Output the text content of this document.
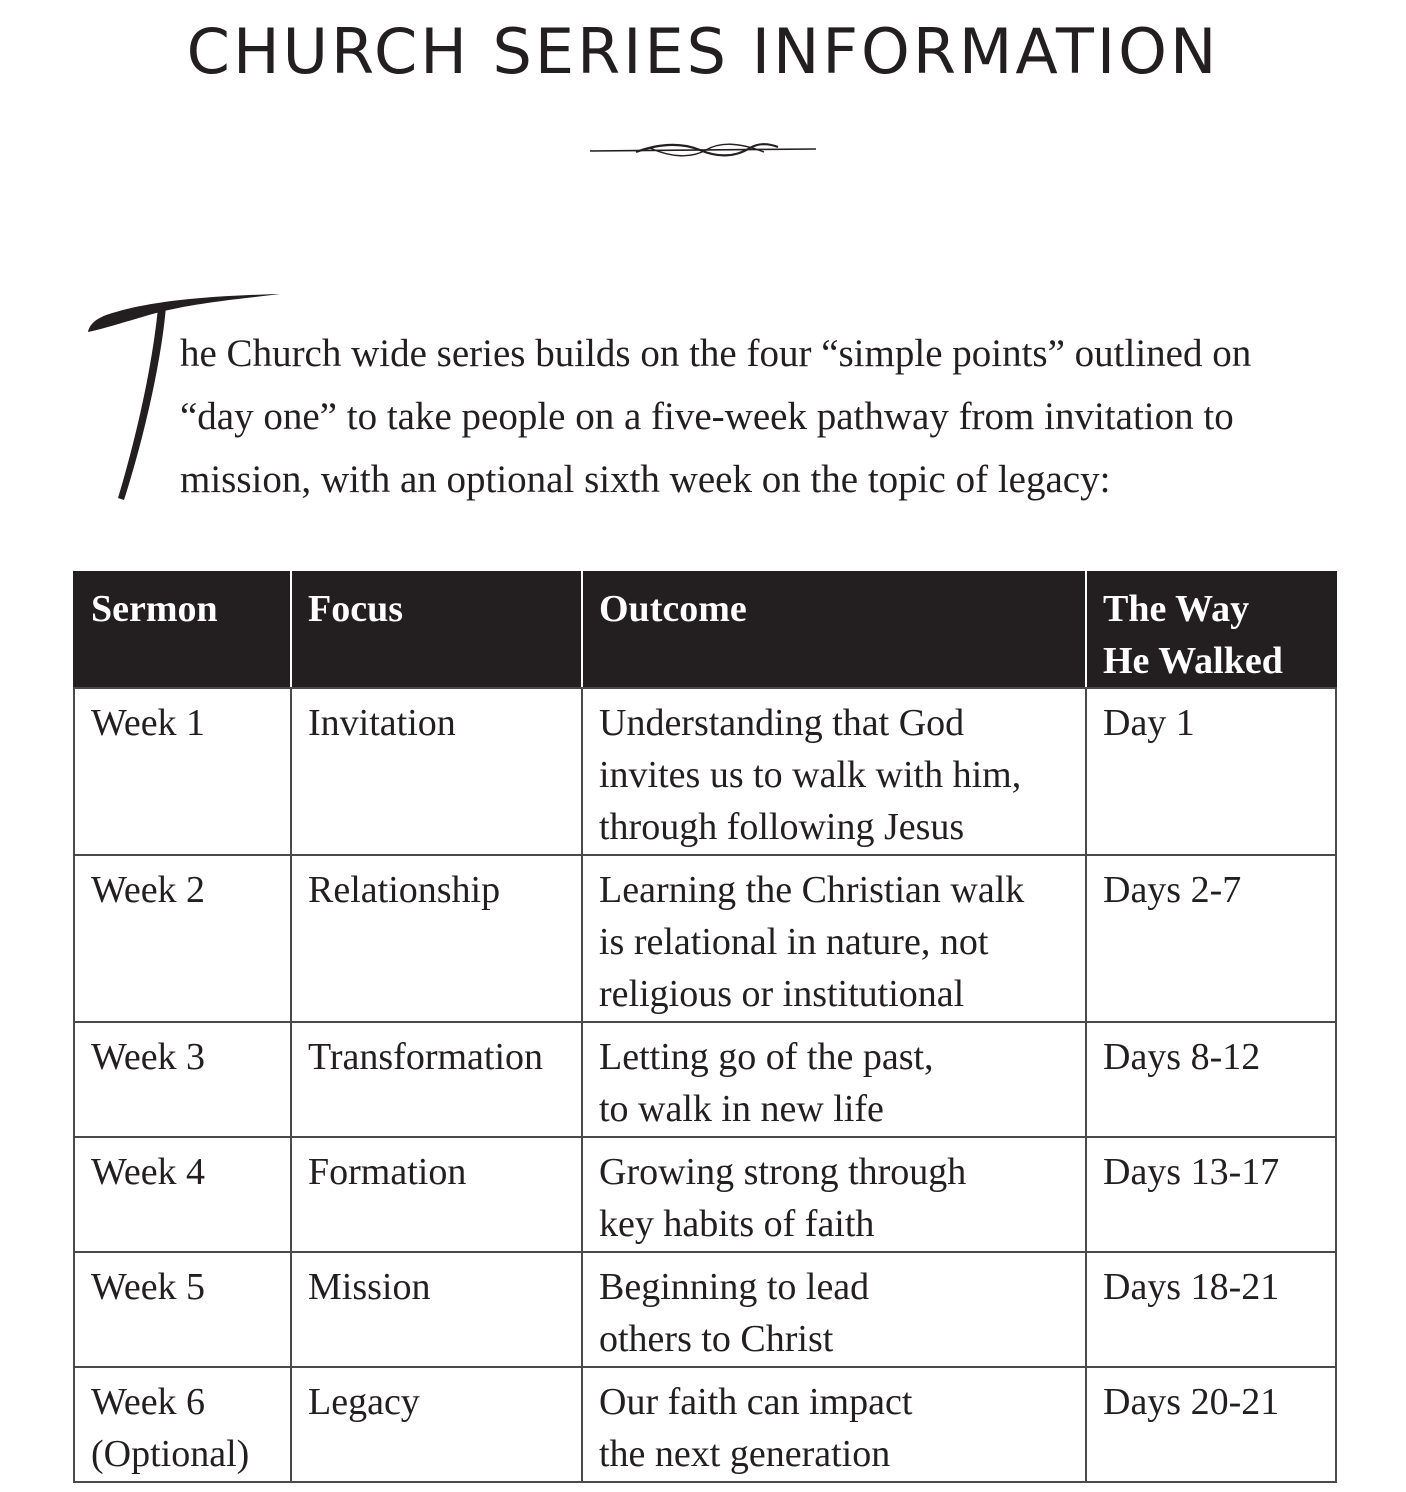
CHURCH SERIES INFORMATION

he Church wide series builds on the four “simple points” outlined on
“day one” to take people on a five-week pathway from invitation to
mission, with an optional sixth week on the topic of legacy:

Sermon	Focus	Outcome	The Way
He Walked

Week 1	Invitation	Understanding that God
invites us to walk with him,
through following Jesus	Day 1

Week 2	Relationship	Learning the Christian walk
is relational in nature, not
religious or institutional	Days 2-7

Week 3	Transformation	Letting go of the past,
to walk in new life	Days 8-12

Week 4	Formation	Growing strong through
key habits of faith	Days 13-17

Week 5	Mission	Beginning to lead
others to Christ	Days 18-21

Week 6
(Optional)	Legacy	Our faith can impact
the next generation	Days 20-21
